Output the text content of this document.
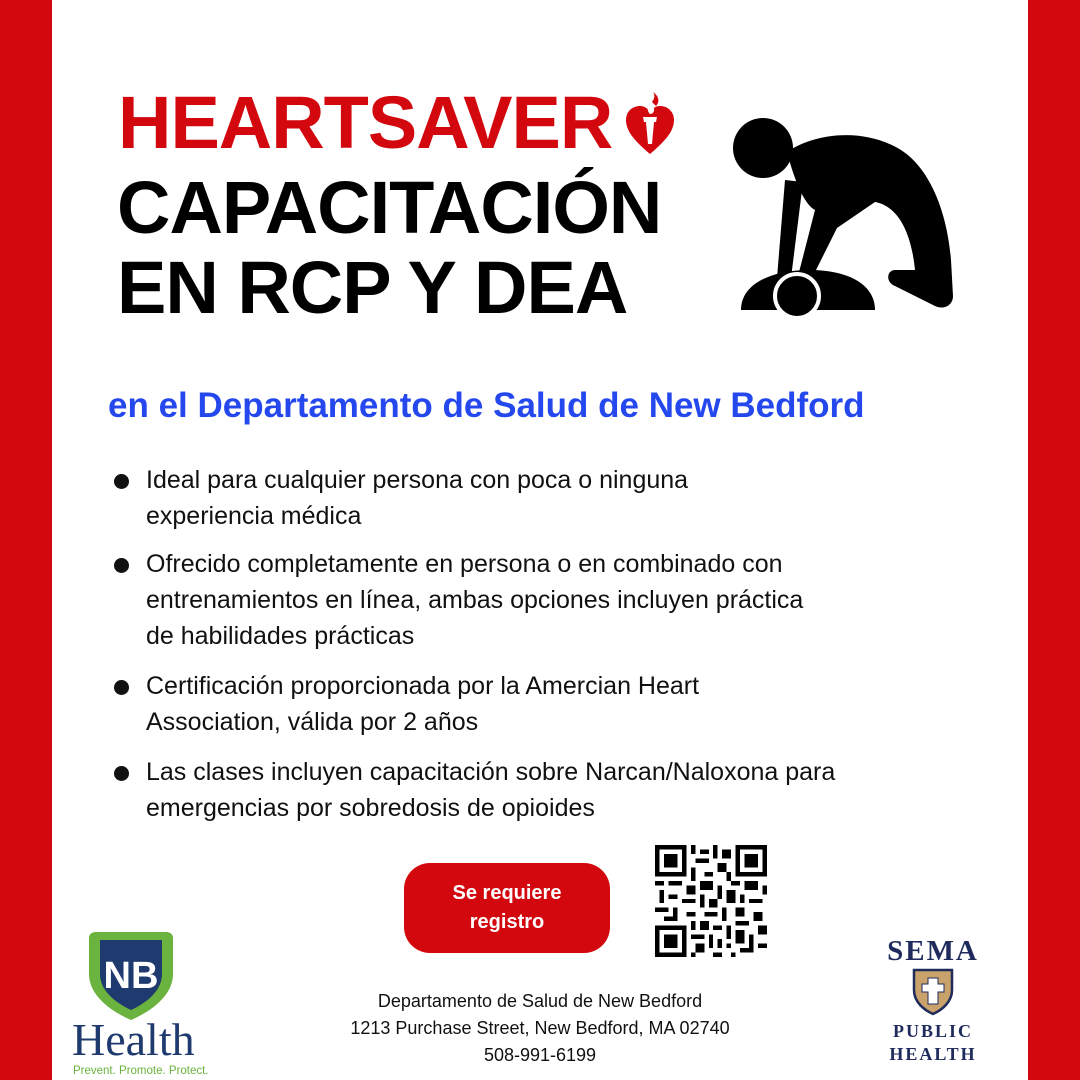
HEARTSAVER
CAPACITACIÓN
EN RCP Y DEA
en el Departamento de Salud de New Bedford
Ideal para cualquier persona con poca o ninguna
experiencia médica
Ofrecido completamente en persona o en combinado con
entrenamientos en línea, ambas opciones incluyen práctica
de habilidades prácticas
Certificación proporcionada por la Amercian Heart
Association, válida por 2 años
Las clases incluyen capacitación sobre Narcan/Naloxona para
emergencias por sobredosis de opioides
Se requiere
registro
NB
Health
Prevent. Promote. Protect.
SEMA
PUBLIC
HEALTH
Departamento de Salud de New Bedford
1213 Purchase Street, New Bedford, MA 02740
508-991-6199
